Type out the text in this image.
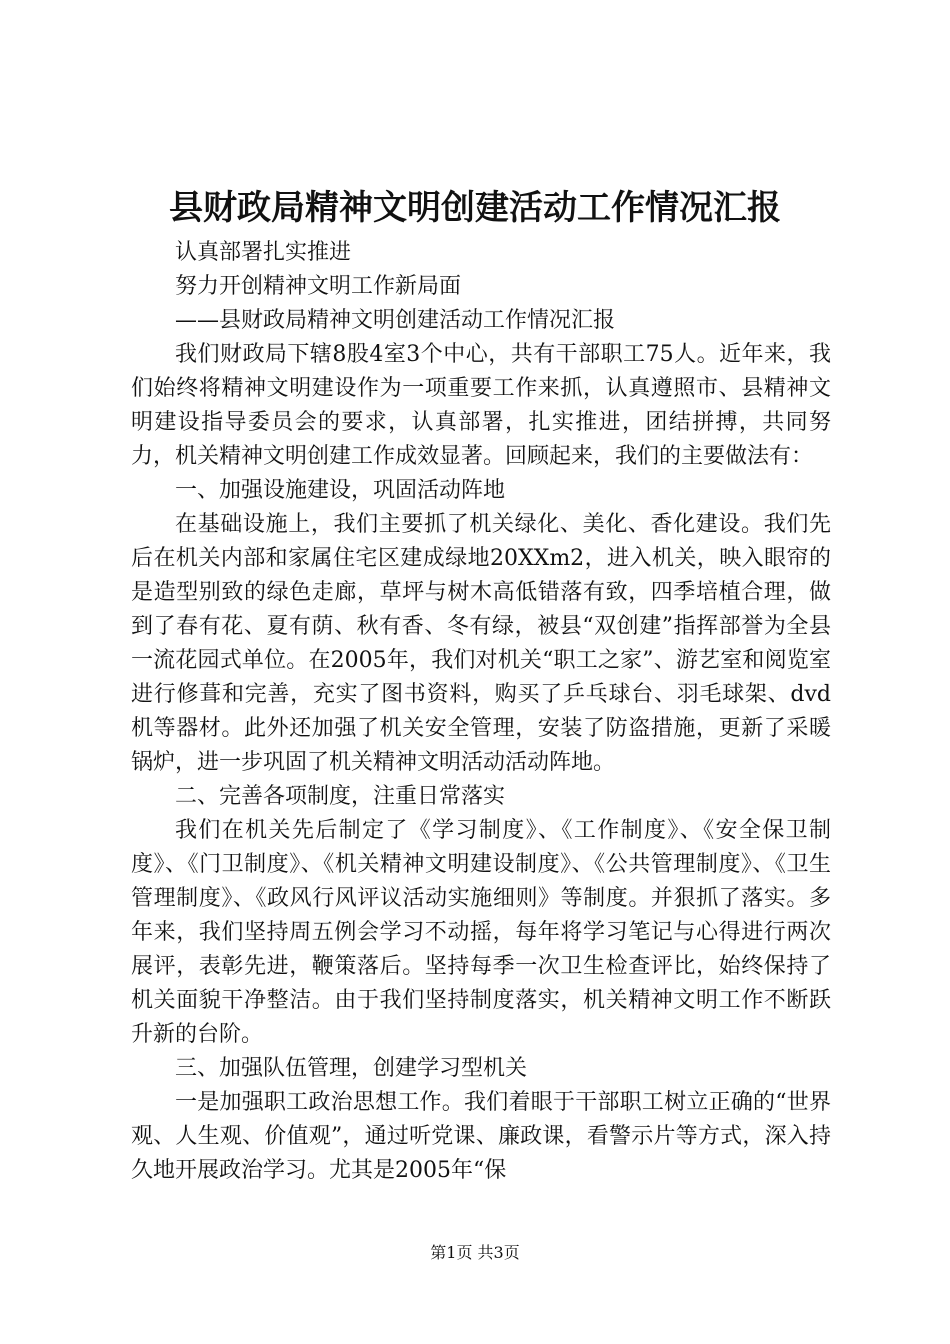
县财政局精神文明创建活动工作情况汇报

认真部署扎实推进

努力开创精神文明工作新局面

——县财政局精神文明创建活动工作情况汇报

我们财政局下辖8股4室3个中心，共有干部职工75人。近年来，我们始终将精神文明建设作为一项重要工作来抓，认真遵照市、县精神文明建设指导委员会的要求，认真部署，扎实推进，团结拼搏，共同努力，机关精神文明创建工作成效显著。回顾起来，我们的主要做法有：

一、加强设施建设，巩固活动阵地

在基础设施上，我们主要抓了机关绿化、美化、香化建设。我们先后在机关内部和家属住宅区建成绿地20XXm2，进入机关，映入眼帘的是造型别致的绿色走廊，草坪与树木高低错落有致，四季培植合理，做到了春有花、夏有荫、秋有香、冬有绿，被县“双创建”指挥部誉为全县一流花园式单位。在2005年，我们对机关“职工之家”、游艺室和阅览室进行修葺和完善，充实了图书资料，购买了乒乓球台、羽毛球架、dvd机等器材。此外还加强了机关安全管理，安装了防盗措施，更新了采暖锅炉，进一步巩固了机关精神文明活动活动阵地。

二、完善各项制度，注重日常落实

我们在机关先后制定了《学习制度》、《工作制度》、《安全保卫制度》、《门卫制度》、《机关精神文明建设制度》、《公共管理制度》、《卫生管理制度》、《政风行风评议活动实施细则》等制度。并狠抓了落实。多年来，我们坚持周五例会学习不动摇，每年将学习笔记与心得进行两次展评，表彰先进，鞭策落后。坚持每季一次卫生检查评比，始终保持了机关面貌干净整洁。由于我们坚持制度落实，机关精神文明工作不断跃升新的台阶。

三、加强队伍管理，创建学习型机关

一是加强职工政治思想工作。我们着眼于干部职工树立正确的“世界观、人生观、价值观”，通过听党课、廉政课，看警示片等方式，深入持久地开展政治学习。尤其是2005年“保

第1页 共3页
